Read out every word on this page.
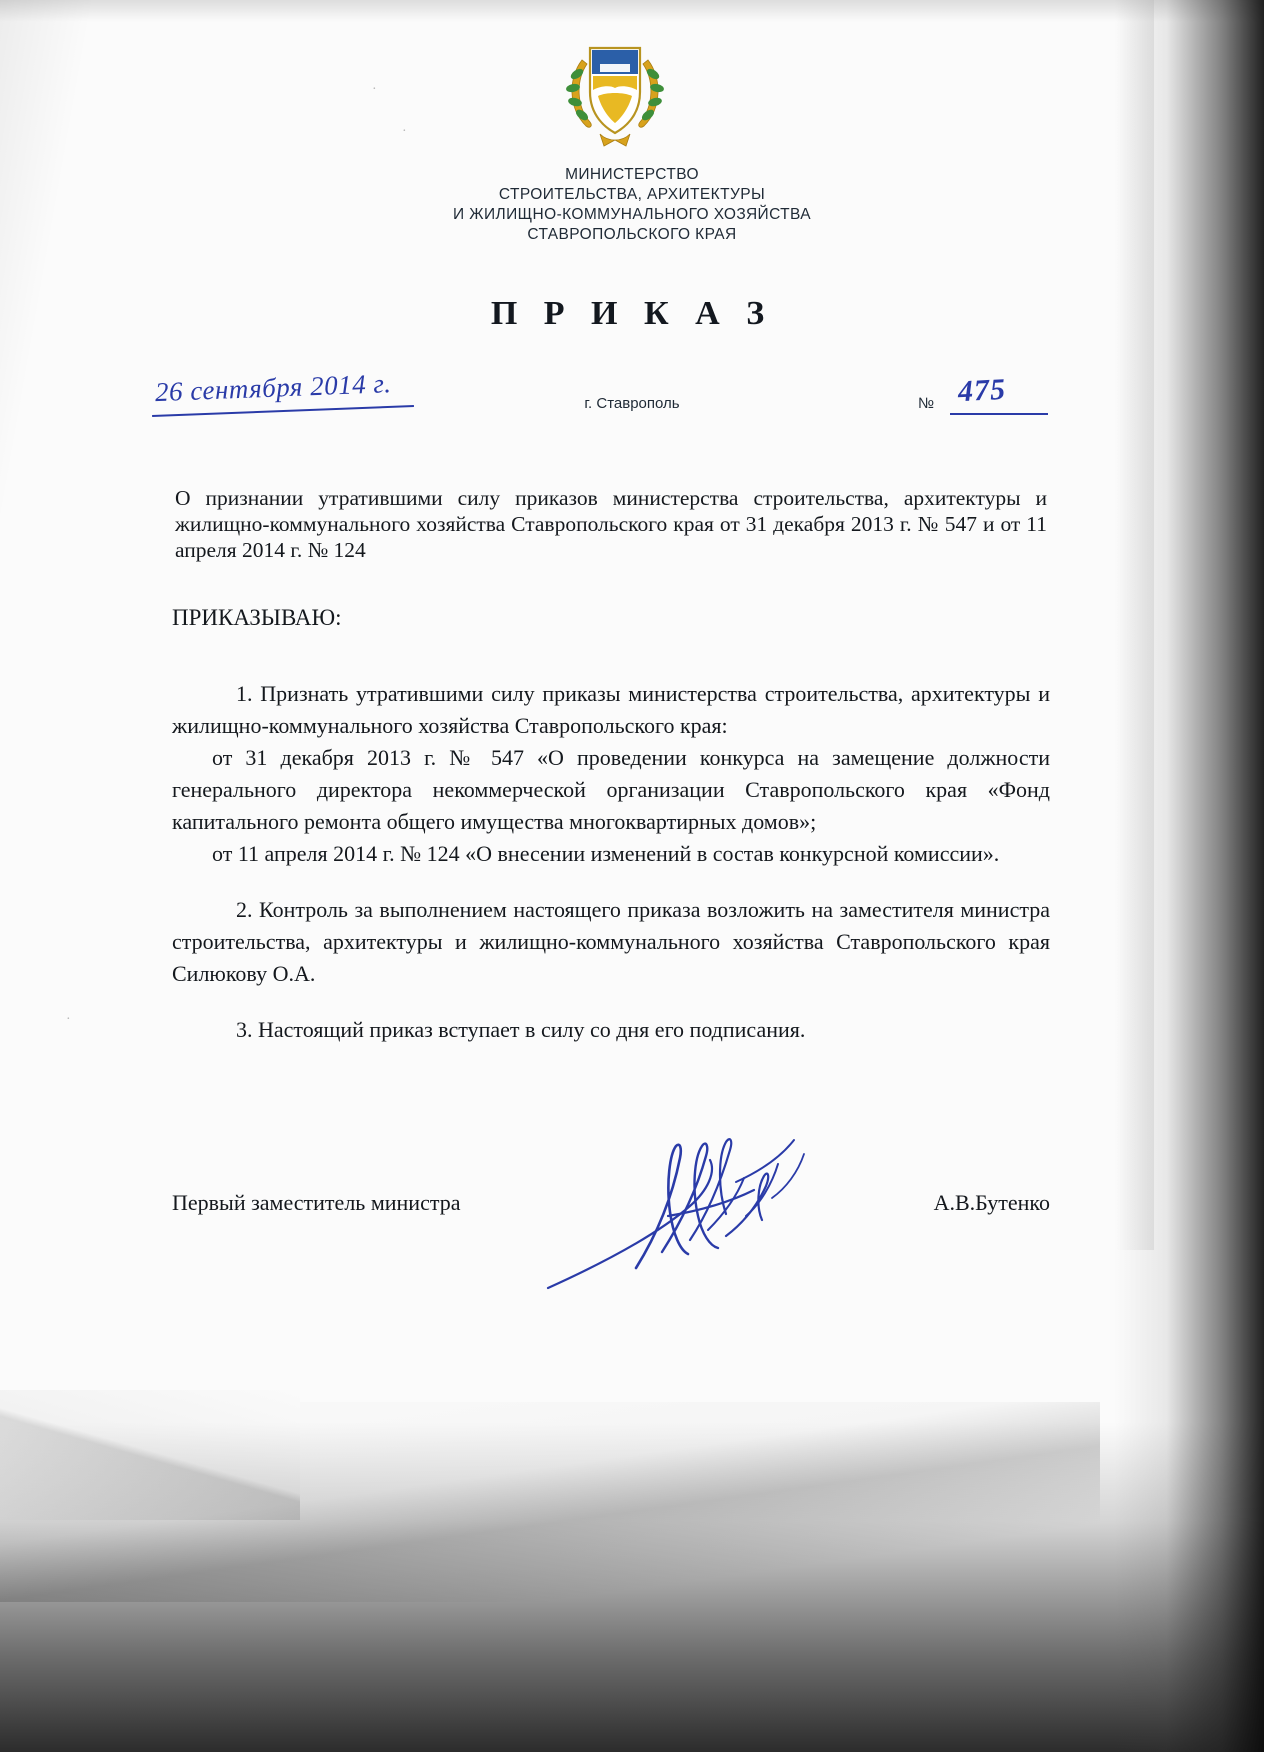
МИНИСТЕРСТВО
СТРОИТЕЛЬСТВА, АРХИТЕКТУРЫ
И ЖИЛИЩНО-КОММУНАЛЬНОГО ХОЗЯЙСТВА
СТАВРОПОЛЬСКОГО КРАЯ
П Р И К А З
26 сентября 2014 г.	г. Ставрополь	№ 475
О признании утратившими силу приказов министерства строительства, архитектуры и жилищно-коммунального хозяйства Ставропольского края от 31 декабря 2013 г. № 547 и от 11 апреля 2014 г. № 124
ПРИКАЗЫВАЮ:

1. Признать утратившими силу приказы министерства строительства, архитектуры и жилищно-коммунального хозяйства Ставропольского края:

от 31 декабря 2013 г. № 547 «О проведении конкурса на замещение должности генерального директора некоммерческой организации Ставропольского края «Фонд капитального ремонта общего имущества многоквартирных домов»;

от 11 апреля 2014 г. № 124 «О внесении изменений в состав конкурсной комиссии».

2. Контроль за выполнением настоящего приказа возложить на заместителя министра строительства, архитектуры и жилищно-коммунального хозяйства Ставропольского края Силюкову О.А.

3. Настоящий приказ вступает в силу со дня его подписания.

Первый заместитель министра	А.В.Бутенко
·
·
·
